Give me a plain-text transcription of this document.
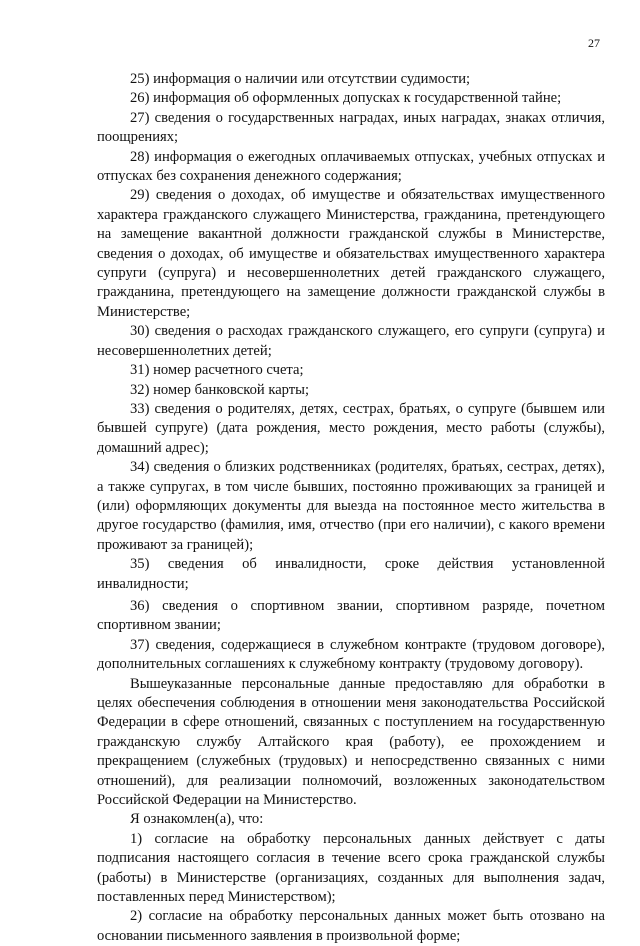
27

25) информация о наличии или отсутствии судимости;

26) информация об оформленных допусках к государственной тайне;

27) сведения о государственных наградах, иных наградах, знаках отличия, поощрениях;

28) информация о ежегодных оплачиваемых отпусках, учебных отпусках и отпусках без сохранения денежного содержания;

29) сведения о доходах, об имуществе и обязательствах имущественного характера гражданского служащего Министерства, гражданина, претендующего на замещение вакантной должности гражданской службы в Министерстве, сведения о доходах, об имуществе и обязательствах имущественного характера супруги (супруга) и несовершеннолетних детей гражданского служащего, гражданина, претендующего на замещение должности гражданской службы в Министерстве;

30) сведения о расходах гражданского служащего, его супруги (супруга) и несовершеннолетних детей;

31) номер расчетного счета;

32) номер банковской карты;

33) сведения о родителях, детях, сестрах, братьях, о супруге (бывшем или бывшей супруге) (дата рождения, место рождения, место работы (службы), домашний адрес);

34) сведения о близких родственниках (родителях, братьях, сестрах, детях), а также супругах, в том числе бывших, постоянно проживающих за границей и (или) оформляющих документы для выезда на постоянное место жительства в другое государство (фамилия, имя, отчество (при его наличии), с какого времени проживают за границей);

35) сведения об инвалидности, сроке действия установленной инвалидности;

36) сведения о спортивном звании, спортивном разряде, почетном спортивном звании;

37) сведения, содержащиеся в служебном контракте (трудовом договоре), дополнительных соглашениях к служебному контракту (трудовому договору).

Вышеуказанные персональные данные предоставляю для обработки в целях обеспечения соблюдения в отношении меня законодательства Российской Федерации в сфере отношений, связанных с поступлением на государственную гражданскую службу Алтайского края (работу), ее прохождением и прекращением (служебных (трудовых) и непосредственно связанных с ними отношений), для реализации полномочий, возложенных законодательством Российской Федерации на Министерство.

Я ознакомлен(а), что:

1) согласие на обработку персональных данных действует с даты подписания настоящего согласия в течение всего срока гражданской службы (работы) в Министерстве (организациях, созданных для выполнения задач, поставленных перед Министерством);

2) согласие на обработку персональных данных может быть отозвано на основании письменного заявления в произвольной форме;
